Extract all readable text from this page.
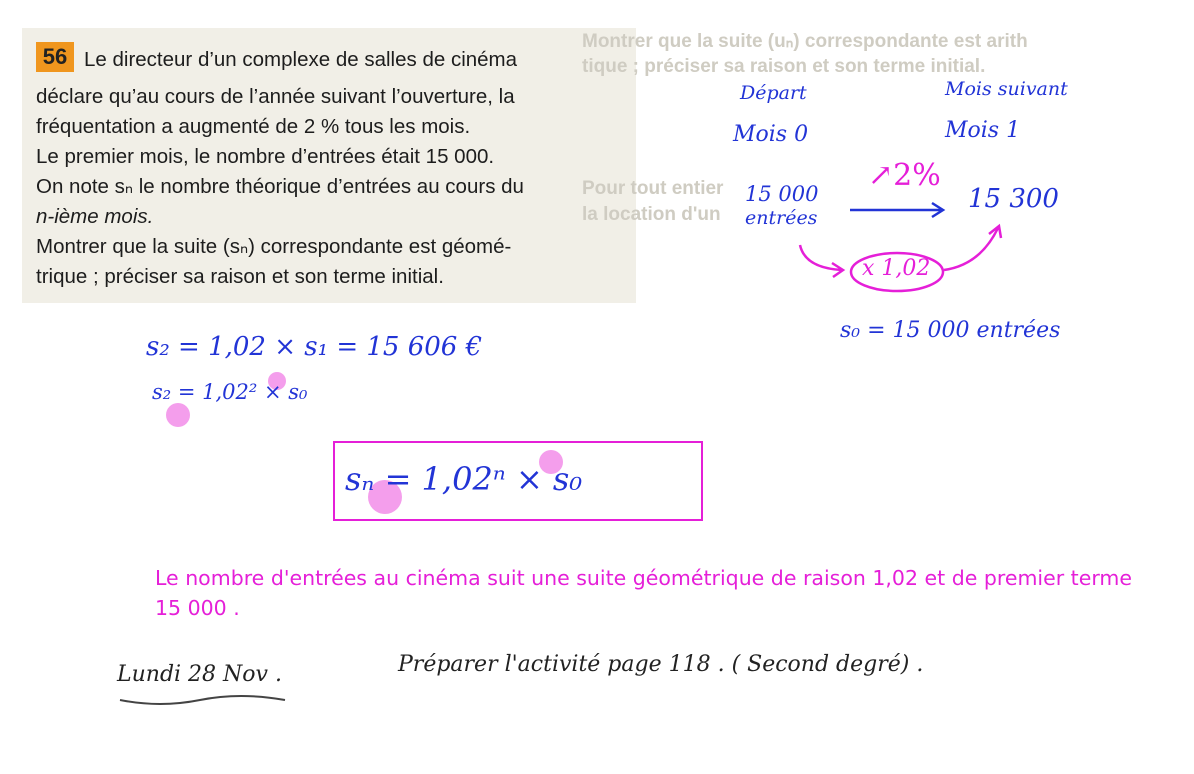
Montrer que la suite (uₙ) correspondante est arith
tique ; préciser sa raison et son terme initial.
Pour tout entier
la location d'un
56 Le directeur d’un complexe de salles de cinéma
déclare qu’au cours de l’année suivant l’ouverture, la
fréquentation a augmenté de 2 % tous les mois.
Le premier mois, le nombre d’entrées était 15 000.
On note sₙ le nombre théorique d’entrées au cours du
n-ième mois.
Montrer que la suite (sₙ) correspondante est géomé-
trique ; préciser sa raison et son terme initial.
Départ	Mois suivant
Mois 0	Mois 1
15 000
entrées
15 300
↗2%
x 1,02
s₀ = 15 000 entrées
s₂ = 1,02 × s₁ = 15 606 €
s₂ = 1,02² × s₀
sₙ = 1,02ⁿ × s₀
Le nombre d'entrées au cinéma suit une suite géométrique de raison 1,02 et de premier terme 15 000 .
Lundi 28 Nov .	Préparer l'activité page 118 . ( Second degré) .
